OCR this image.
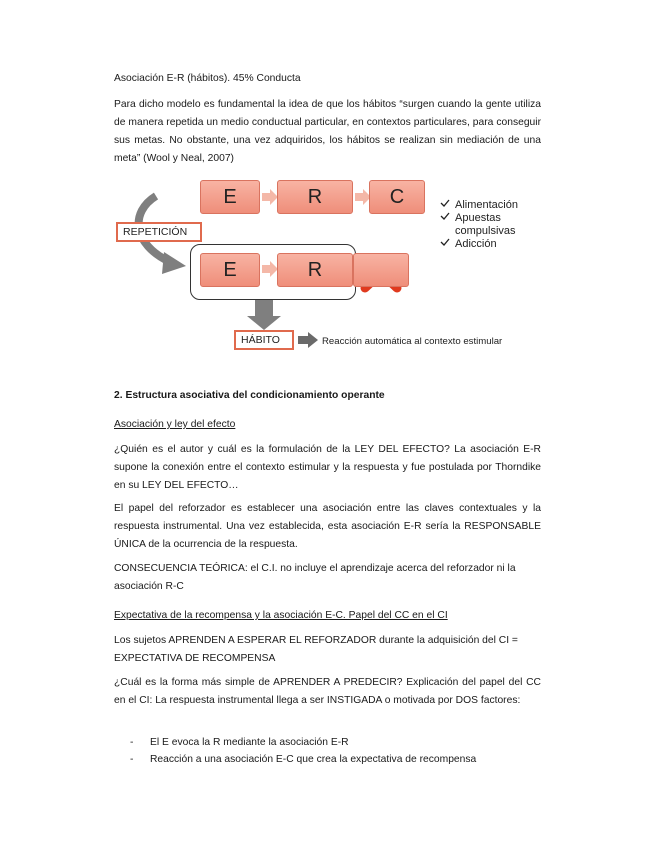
Asociación E-R (hábitos). 45% Conducta

Para dicho modelo es fundamental la idea de que los hábitos “surgen cuando la gente utiliza de manera repetida un medio conductual particular, en contextos particulares, para conseguir sus metas. No obstante, una vez adquiridos, los hábitos se realizan sin mediación de una meta” (Wool y Neal, 2007)

E	R	C
REPETICIÓN
E	R
Alimentación
Apuestas
compulsivas
Adicción
HÁBITO	Reacción automática al contexto estimular

2. Estructura asociativa del condicionamiento operante

Asociación y ley del efecto

¿Quién es el autor y cuál es la formulación de la LEY DEL EFECTO? La asociación E-R supone la conexión entre el contexto estimular y la respuesta y fue postulada por Thorndike en su LEY DEL EFECTO…

El papel del reforzador es establecer una asociación entre las claves contextuales y la respuesta instrumental. Una vez establecida, esta asociación E-R sería la RESPONSABLE ÚNICA de la ocurrencia de la respuesta.

CONSECUENCIA TEÓRICA: el C.I. no incluye el aprendizaje acerca del reforzador ni la asociación R-C

Expectativa de la recompensa y la asociación E-C. Papel del CC en el CI

Los sujetos APRENDEN A ESPERAR EL REFORZADOR durante la adquisición del CI = EXPECTATIVA DE RECOMPENSA

¿Cuál es la forma más simple de APRENDER A PREDECIR? Explicación del papel del CC en el CI: La respuesta instrumental llega a ser INSTIGADA o motivada por DOS factores:

- El E evoca la R mediante la asociación E-R
- Reacción a una asociación E-C que crea la expectativa de recompensa
